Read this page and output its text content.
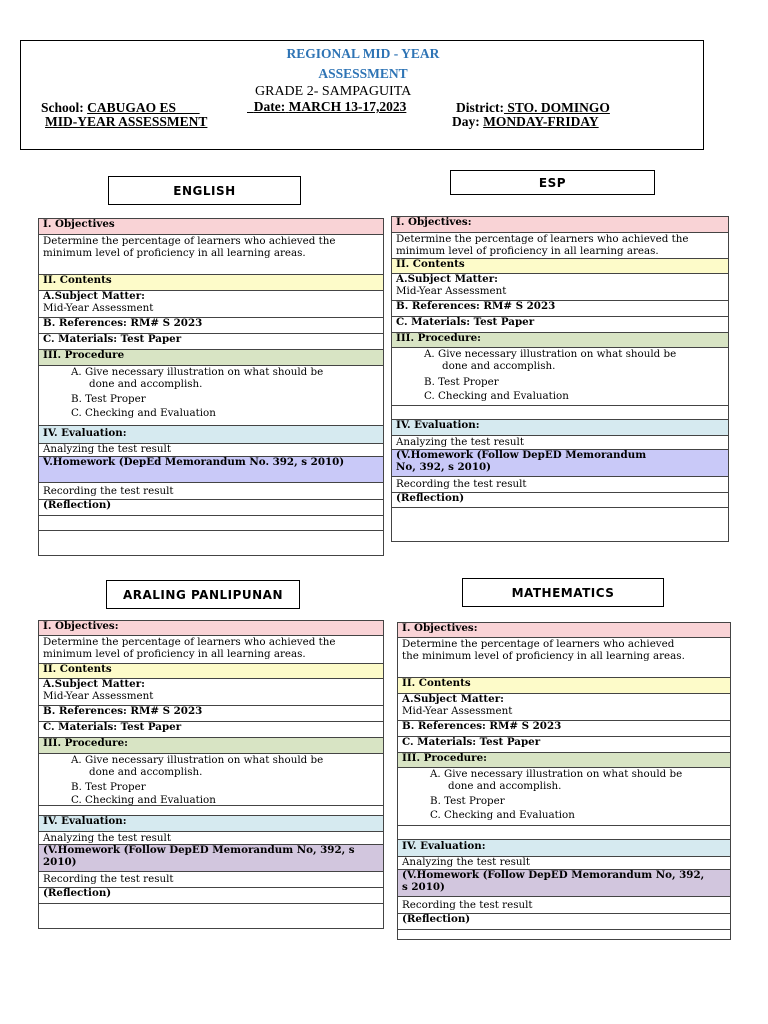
REGIONAL MID - YEAR
ASSESSMENT
GRADE 2- SAMPAGUITA
School: CABUGAO ES	Date: MARCH 13-17,2023	District: STO. DOMINGO
MID-YEAR ASSESSMENT	Day: MONDAY-FRIDAY
ENGLISH
ESP
ARALING PANLIPUNAN	MATHEMATICS
I. Objectives
Determine the percentage of learners who achieved the minimum level of proficiency in all learning areas.
II. Contents
A.Subject Matter:
Mid-Year Assessment
B. References: RM# S 2023
C. Materials: Test Paper
III. Procedure
A. Give necessary illustration on what should be
done and accomplish.
B. Test Proper
C. Checking and Evaluation
IV. Evaluation:
Analyzing the test result
V.Homework (DepEd Memorandum No. 392, s 2010)
Recording the test result
(Reflection)
I. Objectives:
Determine the percentage of learners who achieved the minimum level of proficiency in all learning areas.
II. Contents
A.Subject Matter:
Mid-Year Assessment
B. References: RM# S 2023
C. Materials: Test Paper
III. Procedure:
A. Give necessary illustration on what should be
done and accomplish.
B. Test Proper
C. Checking and Evaluation
IV. Evaluation:
Analyzing the test result
(V.Homework (Follow DepED Memorandum No, 392, s 2010)
Recording the test result
(Reflection)
I. Objectives:
Determine the percentage of learners who achieved the minimum level of proficiency in all learning areas.
II. Contents
A.Subject Matter:
Mid-Year Assessment
B. References: RM# S 2023
C. Materials: Test Paper
III. Procedure:
A. Give necessary illustration on what should be
done and accomplish.
B. Test Proper
C. Checking and Evaluation
IV. Evaluation:
Analyzing the test result
(V.Homework (Follow DepED Memorandum No, 392, s 2010)
Recording the test result
(Reflection)
I. Objectives:
Determine the percentage of learners who achieved the minimum level of proficiency in all learning areas.
II. Contents
A.Subject Matter:
Mid-Year Assessment
B. References: RM# S 2023
C. Materials: Test Paper
III. Procedure:
A. Give necessary illustration on what should be
done and accomplish.
B. Test Proper
C. Checking and Evaluation
IV. Evaluation:
Analyzing the test result
(V.Homework (Follow DepED Memorandum No, 392, s 2010)
Recording the test result
(Reflection)
